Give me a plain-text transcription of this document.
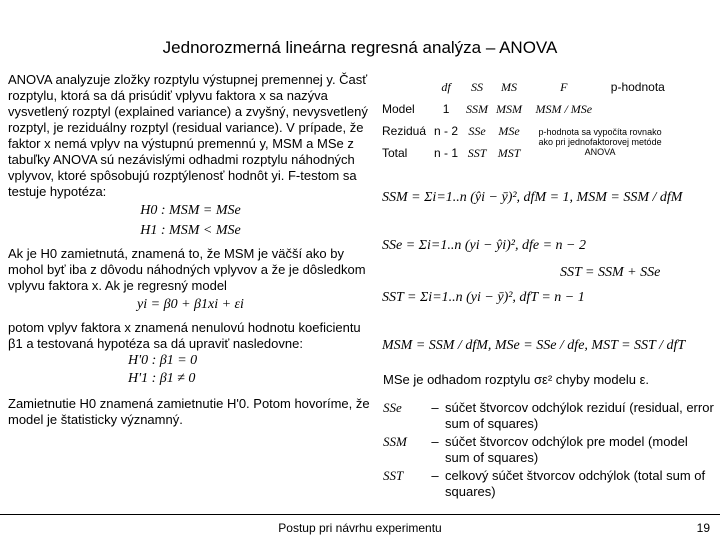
Jednorozmerná lineárna regresná analýza – ANOVA

ANOVA analyzuje zložky rozptylu výstupnej premennej y. Časť rozptylu, ktorá sa dá prisúdiť vplyvu faktora x sa nazýva vysvetlený rozptyl (explained variance) a zvyšný, nevysvetlený rozptyl, je reziduálny rozptyl (residual variance). V prípade, že faktor x nemá vplyv na výstupnú premennú y, MSM a MSe z tabuľky ANOVA sú nezávislými odhadmi rozptylu náhodných vplyvov, ktoré spôsobujú rozptýlenosť hodnôt yi. F-testom sa testuje hypotéza:

H0 : MSM = MSe
H1 : MSM < MSe

Ak je H0 zamietnutá, znamená to, že MSM je väčší ako by mohol byť iba z dôvodu náhodných vplyvov a že je dôsledkom vplyvu faktora x. Ak je regresný model

yi = β0 + β1xi + εi

potom vplyv faktora x znamená nenulovú hodnotu koeficientu β1 a testovaná hypotéza sa dá upraviť nasledovne:

H'0 : β1 = 0
H'1 : β1 ≠ 0

Zamietnutie H0 znamená zamietnutie H'0. Potom hovoríme, že model je štatisticky významný.

	df	SS	MS	F	p-hodnota
Model	1	SSM	MSM	MSM / MSe	
Reziduá	n - 2	SSe	MSe	p-hodnota sa vypočíta rovnako ako pri jednofaktorovej metóde ANOVA	
Total	n - 1	SST	MST		
SSM = Σi=1..n (ŷi − ȳ)², dfM = 1, MSM = SSM / dfM
SSe = Σi=1..n (yi − ŷi)², dfe = n − 2
SST = SSM + SSe
SST = Σi=1..n (yi − ȳ)², dfT = n − 1
MSM = SSM / dfM, MSe = SSe / dfe, MST = SST / dfT
MSe je odhadom rozptylu σε² chyby modelu ε.
SSe	– súčet štvorcov odchýlok reziduí (residual, error sum of squares)
SSM	– súčet štvorcov odchýlok pre model (model sum of squares)
SST	– celkový súčet štvorcov odchýlok (total sum of squares)
Postup pri návrhu experimentu	19
